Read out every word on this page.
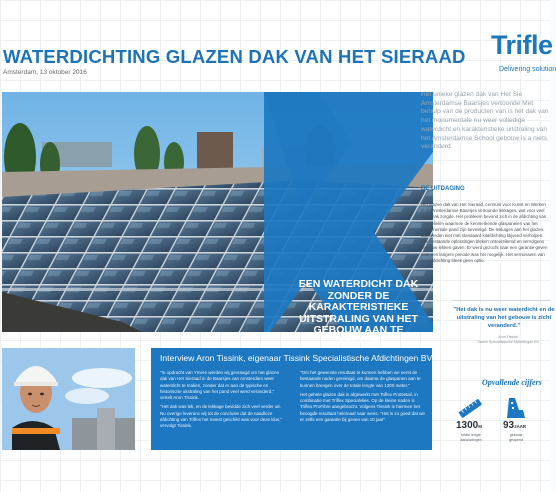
WATERDICHTING GLAZEN DAK VAN HET SIERAAD
Amsterdam, 13 oktober 2016
Trifle
Delivering solution
EEN WATERDICHT DAK ZONDER DE KARAKTERISTIEKE UITSTRALING VAN HET GEBOUW AAN TE TASTEN
Het unieke glazen dak van Het Sie Amsterdamse Baarsjes vertoonde Met behulp van de producten van is het dak van het monumentale nu weer volledige waterdicht en karakteristieke uitstraling van het Amsterdamse School gebouw is a niets veranderd.
DE UITDAGING
Het glazen dak van Het Sieraad, centrum voor Kunst en Werken in de Amsterdamse Baarsjes vertoonde lekkages, wat voor veel ongemak zorgde. Het probleem bevond zich in de afdichting van de profielen waarmee de kenmerkende glaspanelen van het monumentale pand zijn bevestigd. De lekkages aan het glazen dak werden niet met standaard kitafdichting blijvend verholpen. Alle bestaande oplossingen bleken ontoereikend en vervolgens opnieuw lekken gaven. Er werd gezocht naar een garantie geven voor een langere periode was het mogelijk. Het vernieuwen van de kitafdichting bleek geen optie.
"Het dak is nu weer waterdicht en de uitstraling van het gebouw is zicht veranderd."
Aron Tissink
Tissink Specialistische Afdichtingen BV
Interview Aron Tissink, eigenaar Tissink Specialistische Afdichtingen BV

"In opdracht van Ymere werden wij gevraagd om het glazen dak van Het Sieraad in de Baarsjes van Amsterdam weer waterdicht te maken, zonder dat er aan de typische en historische uitstraling van het pand veel werd veranderd," vertelt Aron Tissink.

"Het dak was lek, en de lekkage bevidde zich veel verder uit. Nu overige leveranc wij tot de conclusie dat de naadloze afdichting van Triflex het meest geschikt was voor deze klus," vervolgt Tissink.

"Om het gewenste resultaat te kunnen hebben we eerst de bestaande naden gereinigd, om daarna de glaspanen aan te kunnen brengen over de totale lengte van 1300 meter."

Het gehele glazen dak is afgewerkt met Triflex ProDetail, in combinatie met Triflex Specialvlies. Op de kleine naden is Triflex ProFibre aangebracht. Volgens Tissink is hiermee het beoogde resultaat helemaal naar wens. "Het is zo goed dat we er zelfs een garantie bij geven van 10 jaar".

Opvallende cijfers
1300M
totale lengte aansluitingen
93JAAR
gebouw geopend
